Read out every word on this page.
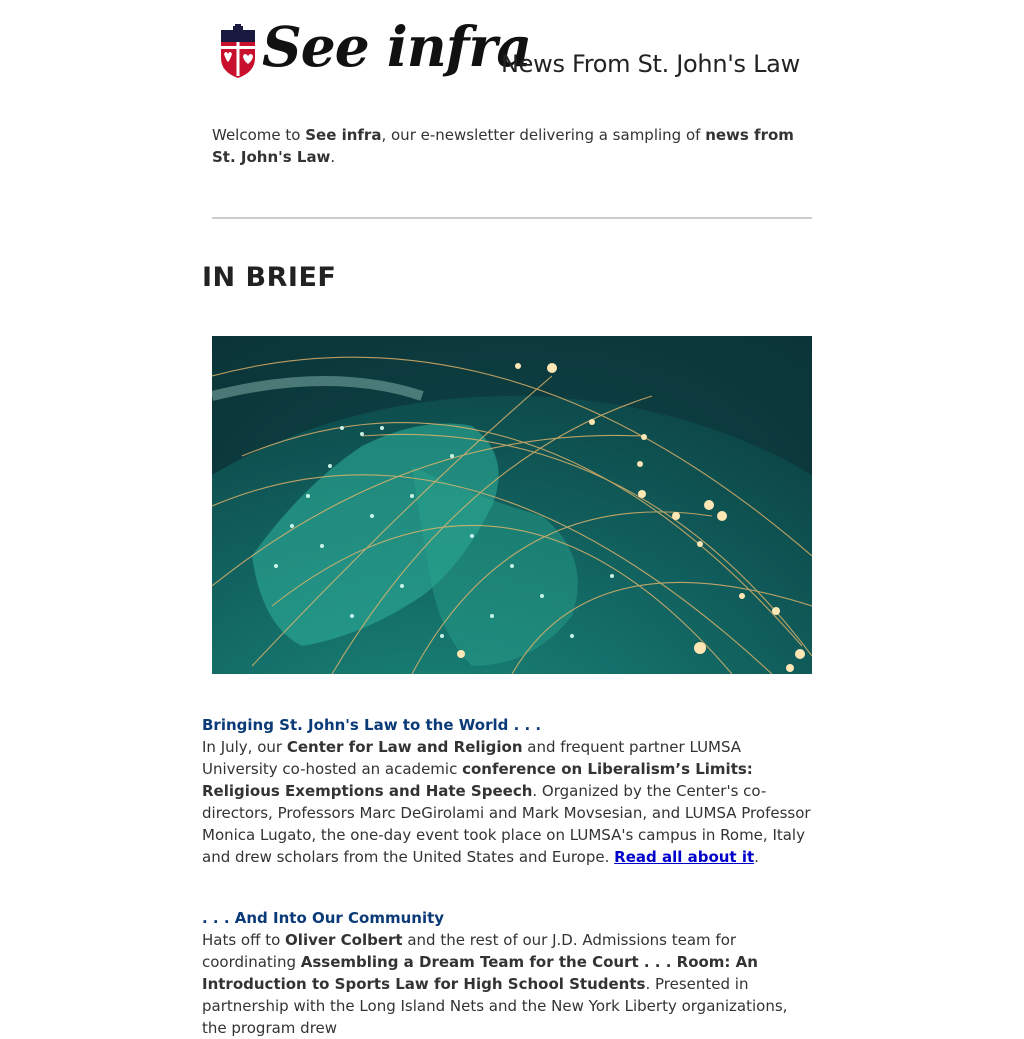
See infra
News From St. John's Law

Welcome to See infra, our e-newsletter delivering a sampling of news from St. John's Law.

IN BRIEF
Bringing St. John's Law to the World . . .

In July, our Center for Law and Religion and frequent partner LUMSA University co-hosted an academic conference on Liberalism’s Limits: Religious Exemptions and Hate Speech. Organized by the Center's co-directors, Professors Marc DeGirolami and Mark Movsesian, and LUMSA Professor Monica Lugato, the one-day event took place on LUMSA's campus in Rome, Italy and drew scholars from the United States and Europe. Read all about it.

. . . And Into Our Community

Hats off to Oliver Colbert and the rest of our J.D. Admissions team for coordinating Assembling a Dream Team for the Court . . . Room: An Introduction to Sports Law for High School Students. Presented in partnership with the Long Island Nets and the New York Liberty organizations, the program drew
